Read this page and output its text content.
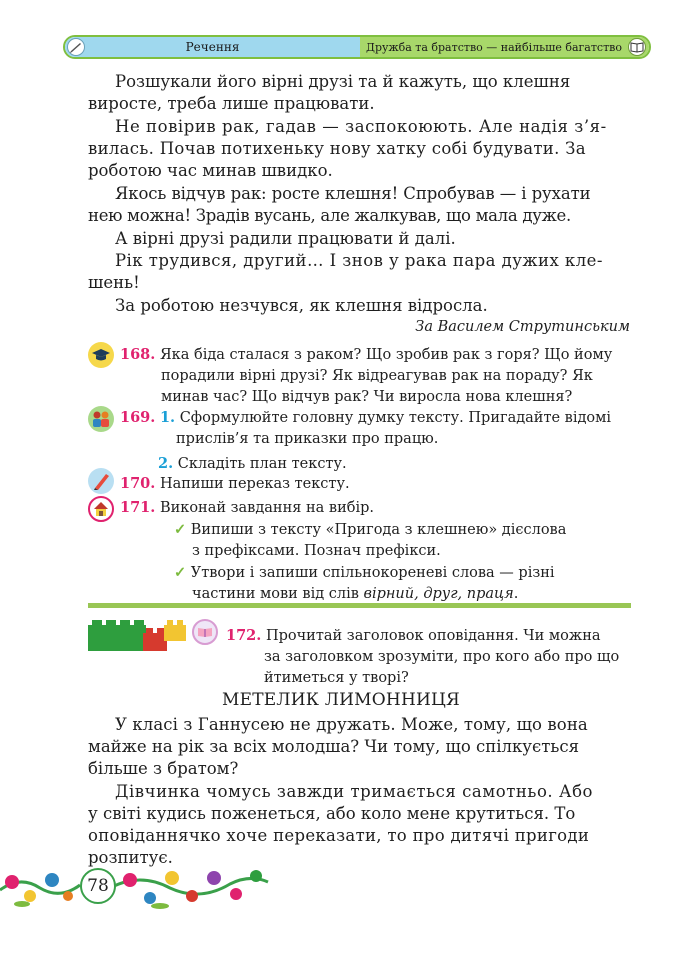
Речення	Дружба та братство — найбільше багатство
Розшукали його вірні друзі та й кажуть, що клешня
виросте, треба лише працювати.
Не повірив рак, гадав — заспокоюють. Але надія з’я-
вилась. Почав потихеньку нову хатку собі будувати. За
роботою час минав швидко.
Якось відчув рак: росте клешня! Спробував — і рухати
нею можна! Зрадів вусань, але жалкував, що мала дуже.
А вірні друзі радили працювати й далі.
Рік трудився, другий… І знов у рака пара дужих кле-
шень!
За роботою незчувся, як клешня відросла.
За Василем Струтинським
168. Яка біда сталася з раком? Що зробив рак з горя? Що йому
порадили вірні друзі? Як відреагував рак на пораду? Як
минав час? Що відчув рак? Чи виросла нова клешня?
169. 1. Сформулюйте головну думку тексту. Пригадайте відомі
прислів’я та приказки про працю.
2. Складіть план тексту.
170. Напиши переказ тексту.
171. Виконай завдання на вибір.
✓ Випиши з тексту «Пригода з клешнею» дієслова
з префіксами. Познач префікси.
✓ Утвори і запиши спільнокореневі слова — різні
частини мови від слів вірний, друг, праця.
172. Прочитай заголовок оповідання. Чи можна
за заголовком зрозуміти, про кого або про що
йтиметься у творі?
МЕТЕЛИК ЛИМОННИЦЯ
У класі з Ганнусею не дружать. Може, тому, що вона
майже на рік за всіх молодша? Чи тому, що спілкується
більше з братом?
Дівчинка чомусь завжди тримається самотньо. Або
у світі кудись поженеться, або коло мене крутиться. То
оповіданнячко хоче переказати, то про дитячі пригоди
розпитує.
78
